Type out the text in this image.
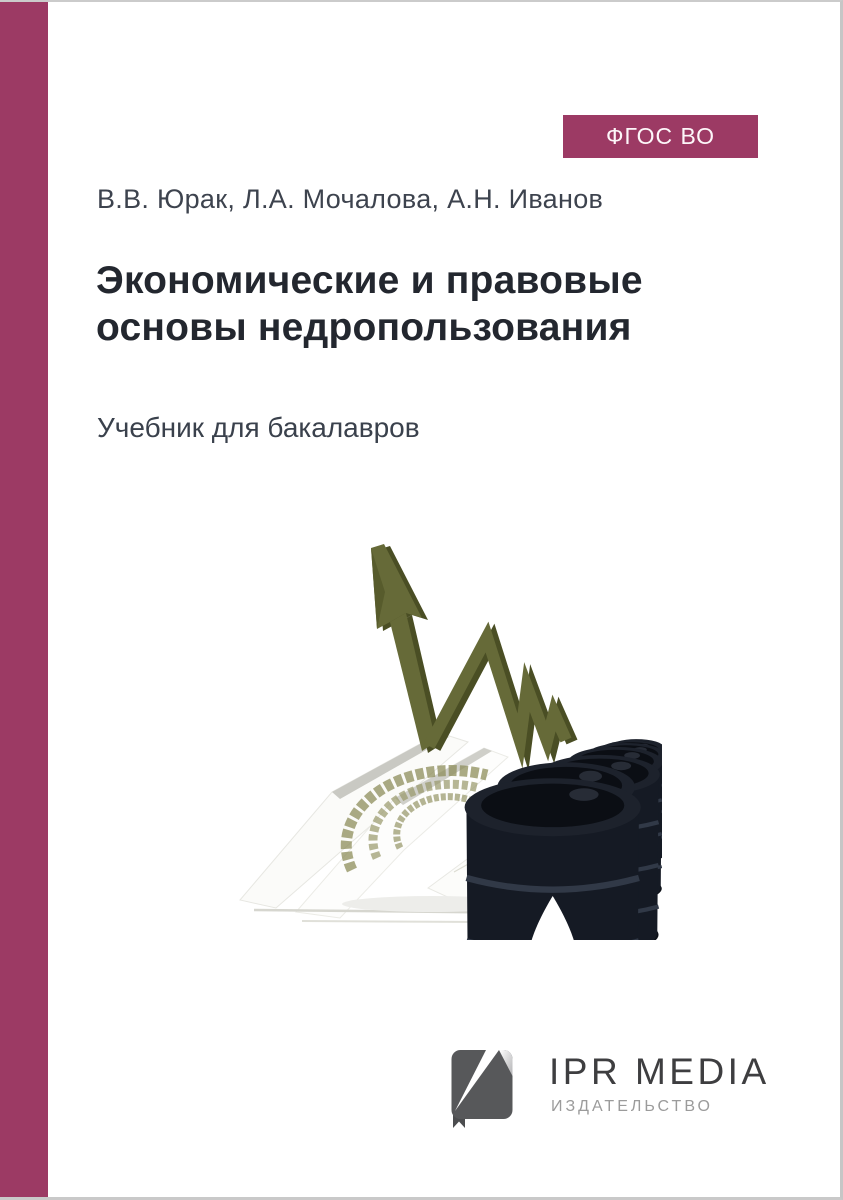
ФГОС ВО
В.В. Юрак, Л.А. Мочалова, А.Н. Иванов
Экономические и правовые
основы недропользования
Учебник для бакалавров
OIL
IPR MEDIA
ИЗДАТЕЛЬСТВО
